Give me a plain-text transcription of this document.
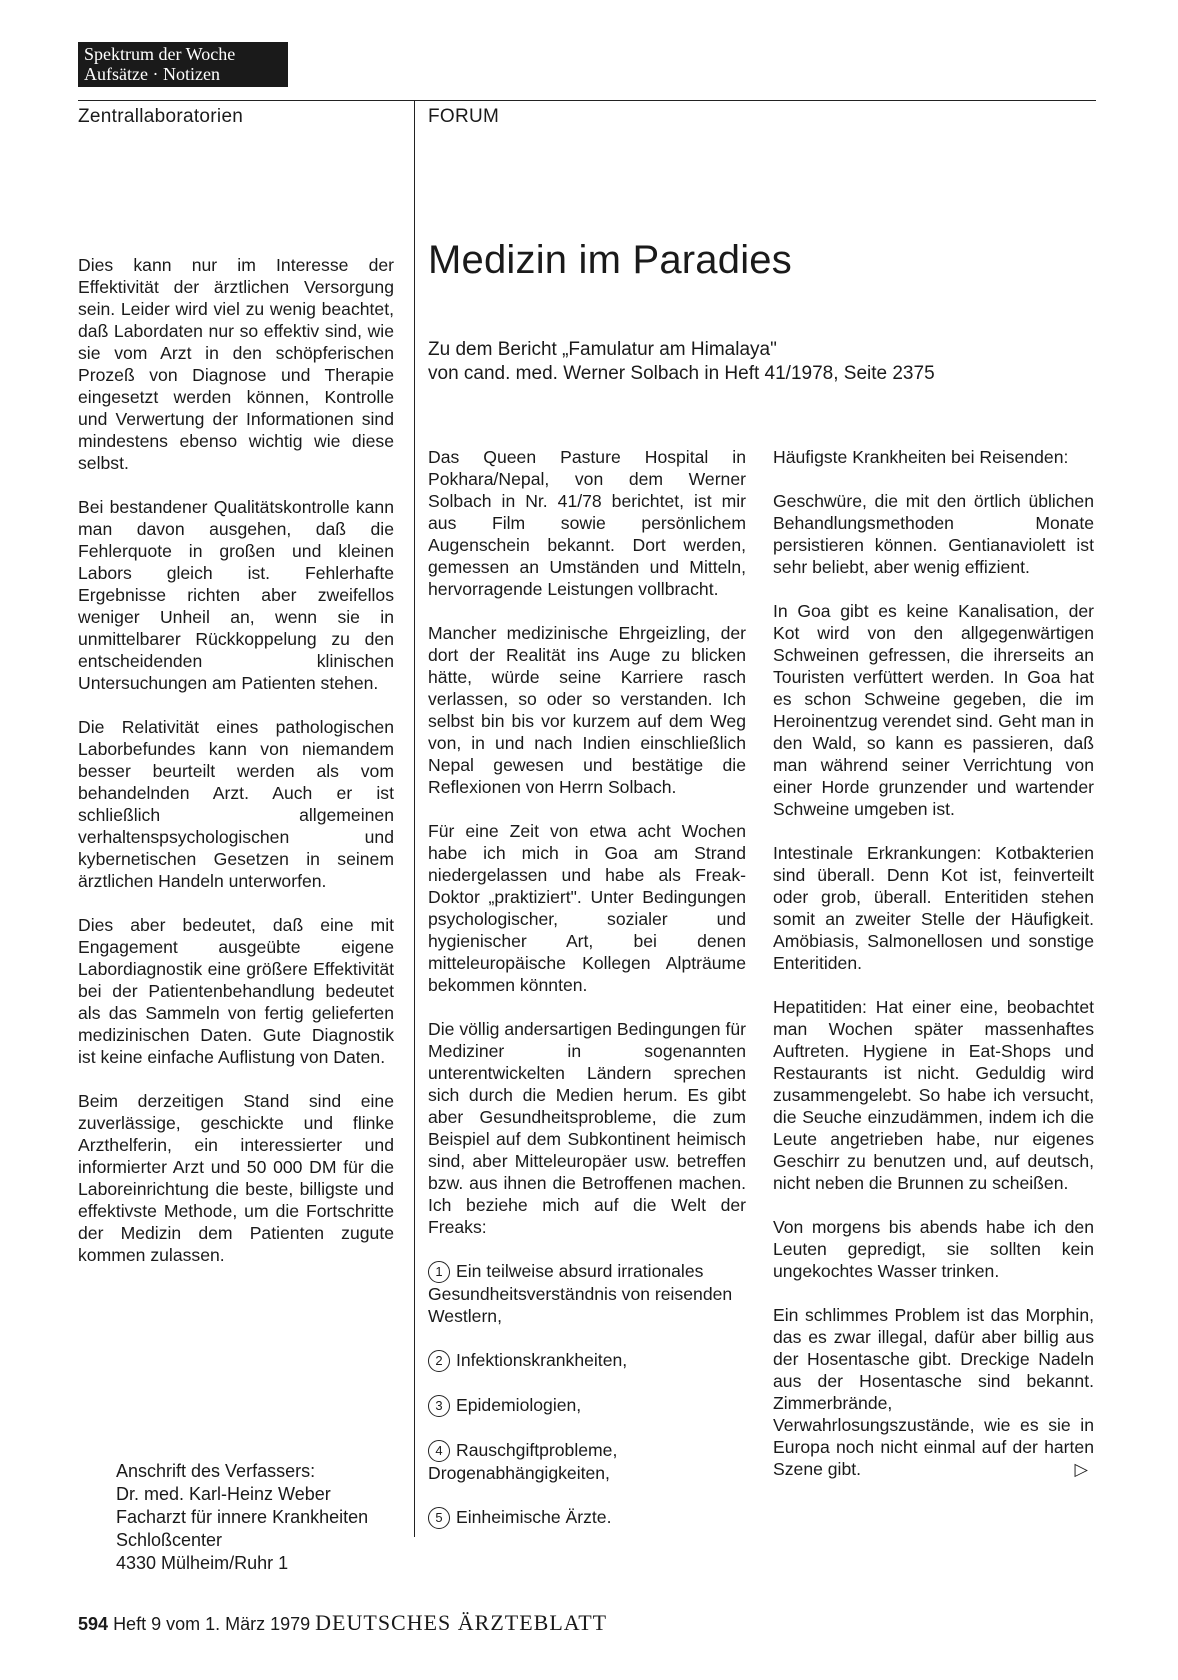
Spektrum der Woche
Aufsätze · Notizen
Zentrallaboratorien	FORUM

Dies kann nur im Interesse der Effektivität der ärztlichen Versorgung sein. Leider wird viel zu wenig beachtet, daß Labordaten nur so effektiv sind, wie sie vom Arzt in den schöpferischen Prozeß von Diagnose und Therapie eingesetzt werden können, Kontrolle und Verwertung der Informationen sind mindestens ebenso wichtig wie diese selbst.

Bei bestandener Qualitätskontrolle kann man davon ausgehen, daß die Fehlerquote in großen und kleinen Labors gleich ist. Fehlerhafte Ergebnisse richten aber zweifellos weniger Unheil an, wenn sie in unmittelbarer Rückkoppelung zu den entscheidenden klinischen Untersuchungen am Patienten stehen.

Die Relativität eines pathologischen Laborbefundes kann von niemandem besser beurteilt werden als vom behandelnden Arzt. Auch er ist schließlich allgemeinen verhaltenspsychologischen und kybernetischen Gesetzen in seinem ärztlichen Handeln unterworfen.

Dies aber bedeutet, daß eine mit Engagement ausgeübte eigene Labordiagnostik eine größere Effektivität bei der Patientenbehandlung bedeutet als das Sammeln von fertig gelieferten medizinischen Daten. Gute Diagnostik ist keine einfache Auflistung von Daten.

Beim derzeitigen Stand sind eine zuverlässige, geschickte und flinke Arzthelferin, ein interessierter und informierter Arzt und 50 000 DM für die Laboreinrichtung die beste, billigste und effektivste Methode, um die Fortschritte der Medizin dem Patienten zugute kommen zulassen.

Anschrift des Verfassers:
Dr. med. Karl-Heinz Weber
Facharzt für innere Krankheiten
Schloßcenter
4330 Mülheim/Ruhr 1
Medizin im Paradies
Zu dem Bericht „Famulatur am Himalaya"
von cand. med. Werner Solbach in Heft 41/1978, Seite 2375

Das Queen Pasture Hospital in Pokhara/Nepal, von dem Werner Solbach in Nr. 41/78 berichtet, ist mir aus Film sowie persönlichem Augenschein bekannt. Dort werden, gemessen an Umständen und Mitteln, hervorragende Leistungen vollbracht.

Mancher medizinische Ehrgeizling, der dort der Realität ins Auge zu blicken hätte, würde seine Karriere rasch verlassen, so oder so verstanden. Ich selbst bin bis vor kurzem auf dem Weg von, in und nach Indien einschließlich Nepal gewesen und bestätige die Reflexionen von Herrn Solbach.

Für eine Zeit von etwa acht Wochen habe ich mich in Goa am Strand niedergelassen und habe als Freak-Doktor „praktiziert". Unter Bedingungen psychologischer, sozialer und hygienischer Art, bei denen mitteleuropäische Kollegen Alpträume bekommen könnten.

Die völlig andersartigen Bedingungen für Mediziner in sogenannten unterentwickelten Ländern sprechen sich durch die Medien herum. Es gibt aber Gesundheitsprobleme, die zum Beispiel auf dem Subkontinent heimisch sind, aber Mitteleuropäer usw. betreffen bzw. aus ihnen die Betroffenen machen. Ich beziehe mich auf die Welt der Freaks:

1 Ein teilweise absurd irrationales Gesundheitsverständnis von reisenden Westlern,
2 Infektionskrankheiten,
3 Epidemiologien,
4 Rauschgiftprobleme, Drogenabhängigkeiten,
5 Einheimische Ärzte.

Häufigste Krankheiten bei Reisenden:

Geschwüre, die mit den örtlich üblichen Behandlungsmethoden Monate persistieren können. Gentianaviolett ist sehr beliebt, aber wenig effizient.

In Goa gibt es keine Kanalisation, der Kot wird von den allgegenwärtigen Schweinen gefressen, die ihrerseits an Touristen verfüttert werden. In Goa hat es schon Schweine gegeben, die im Heroinentzug verendet sind. Geht man in den Wald, so kann es passieren, daß man während seiner Verrichtung von einer Horde grunzender und wartender Schweine umgeben ist.

Intestinale Erkrankungen: Kotbakterien sind überall. Denn Kot ist, feinverteilt oder grob, überall. Enteritiden stehen somit an zweiter Stelle der Häufigkeit. Amöbiasis, Salmonellosen und sonstige Enteritiden.

Hepatitiden: Hat einer eine, beobachtet man Wochen später massenhaftes Auftreten. Hygiene in Eat-Shops und Restaurants ist nicht. Geduldig wird zusammengelebt. So habe ich versucht, die Seuche einzudämmen, indem ich die Leute angetrieben habe, nur eigenes Geschirr zu benutzen und, auf deutsch, nicht neben die Brunnen zu scheißen.

Von morgens bis abends habe ich den Leuten gepredigt, sie sollten kein ungekochtes Wasser trinken.

Ein schlimmes Problem ist das Morphin, das es zwar illegal, dafür aber billig aus der Hosentasche gibt. Dreckige Nadeln aus der Hosentasche sind bekannt. Zimmerbrände, Verwahrlosungszustände, wie es sie in Europa noch nicht einmal auf der harten Szene gibt.	▷

594 Heft 9 vom 1. März 1979 DEUTSCHES ÄRZTEBLATT
